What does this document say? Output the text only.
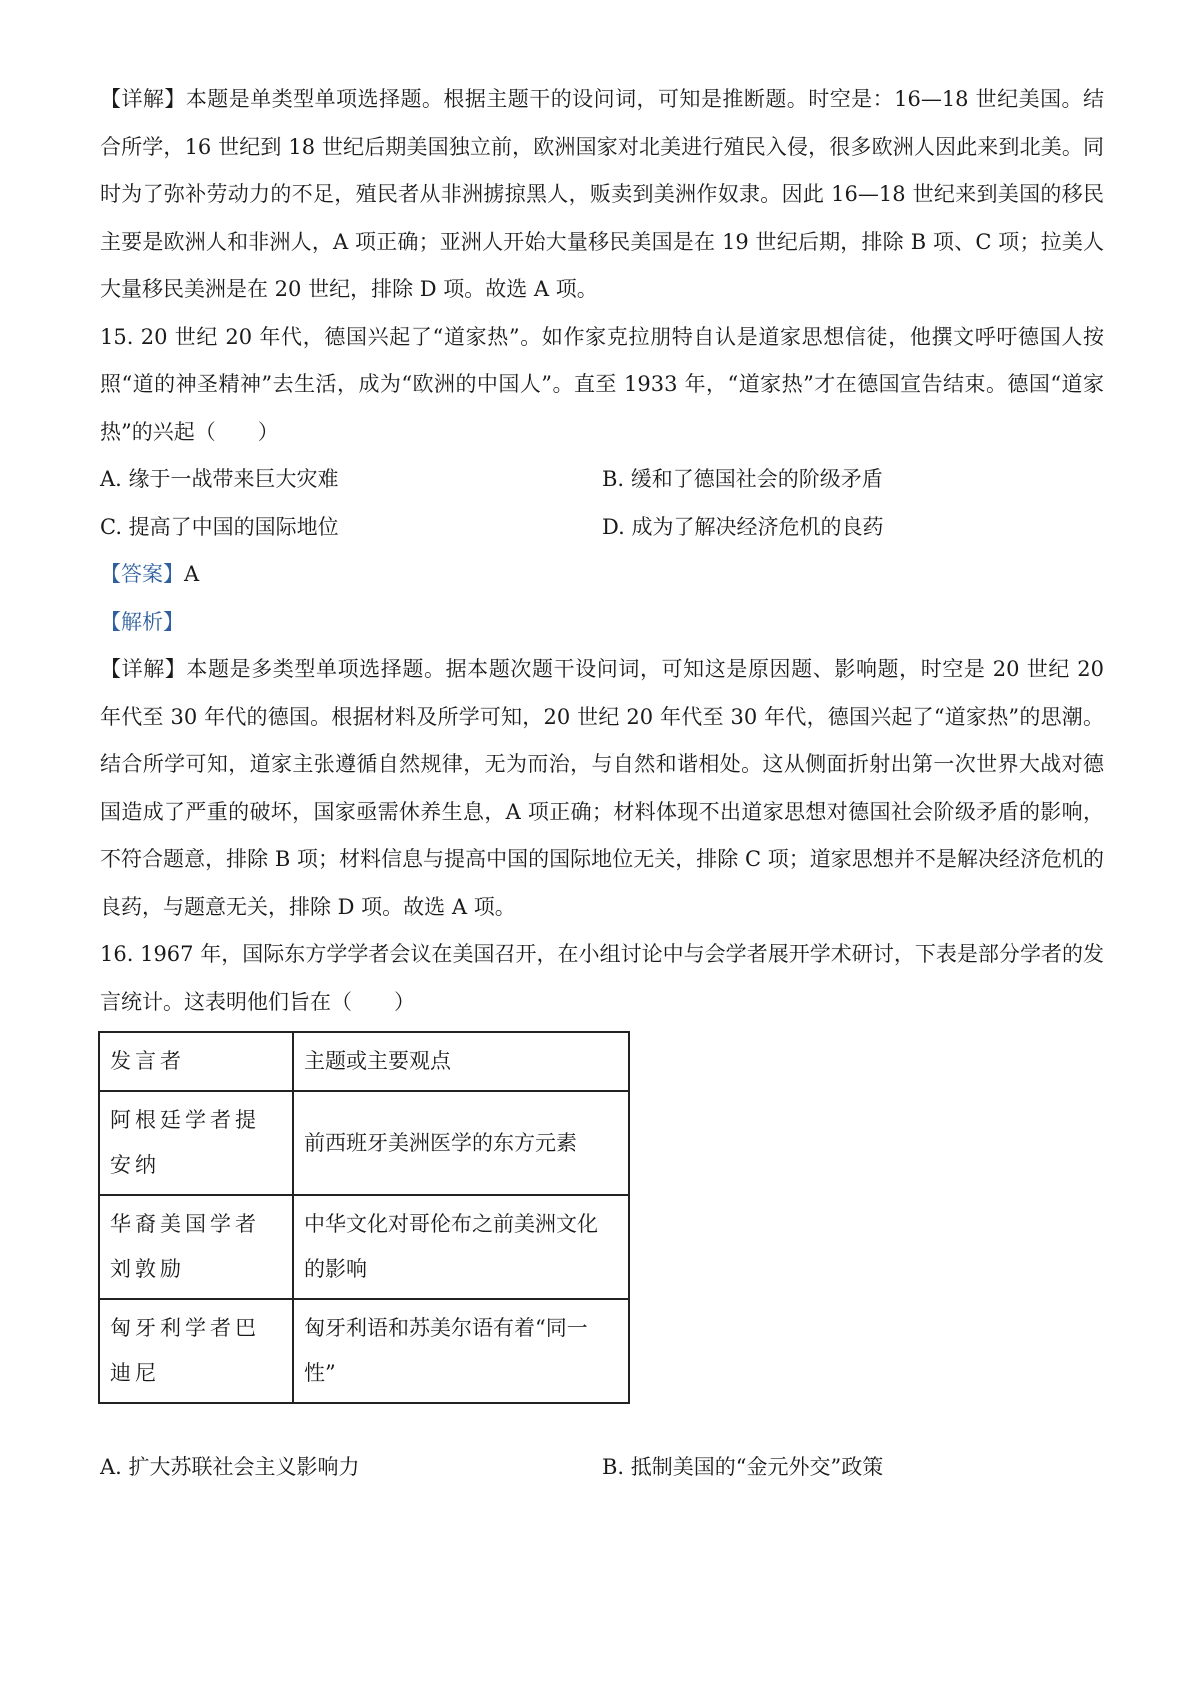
【详解】本题是单类型单项选择题。根据主题干的设问词，可知是推断题。时空是：16—18 世纪美国。结合所学，16 世纪到 18 世纪后期美国独立前，欧洲国家对北美进行殖民入侵，很多欧洲人因此来到北美。同时为了弥补劳动力的不足，殖民者从非洲掳掠黑人，贩卖到美洲作奴隶。因此 16—18 世纪来到美国的移民主要是欧洲人和非洲人，A 项正确；亚洲人开始大量移民美国是在 19 世纪后期，排除 B 项、C 项；拉美人大量移民美洲是在 20 世纪，排除 D 项。故选 A 项。

15. 20 世纪 20 年代，德国兴起了“道家热”。如作家克拉朋特自认是道家思想信徒，他撰文呼吁德国人按照“道的神圣精神”去生活，成为“欧洲的中国人”。直至 1933 年，“道家热”才在德国宣告结束。德国“道家热”的兴起（　　）

A. 缘于一战带来巨大灾难	B. 缓和了德国社会的阶级矛盾
C. 提高了中国的国际地位	D. 成为了解决经济危机的良药

【答案】A

【解析】

【详解】本题是多类型单项选择题。据本题次题干设问词，可知这是原因题、影响题，时空是 20 世纪 20 年代至 30 年代的德国。根据材料及所学可知，20 世纪 20 年代至 30 年代，德国兴起了“道家热”的思潮。结合所学可知，道家主张遵循自然规律，无为而治，与自然和谐相处。这从侧面折射出第一次世界大战对德国造成了严重的破坏，国家亟需休养生息，A 项正确；材料体现不出道家思想对德国社会阶级矛盾的影响，不符合题意，排除 B 项；材料信息与提高中国的国际地位无关，排除 C 项；道家思想并不是解决经济危机的良药，与题意无关，排除 D 项。故选 A 项。

16. 1967 年，国际东方学学者会议在美国召开，在小组讨论中与会学者展开学术研讨，下表是部分学者的发言统计。这表明他们旨在（　　）

发言者	主题或主要观点
阿根廷学者提安纳	前西班牙美洲医学的东方元素
华裔美国学者刘敦励	中华文化对哥伦布之前美洲文化的影响
匈牙利学者巴迪尼	匈牙利语和苏美尔语有着“同一性”
A. 扩大苏联社会主义影响力	B. 抵制美国的“金元外交”政策
